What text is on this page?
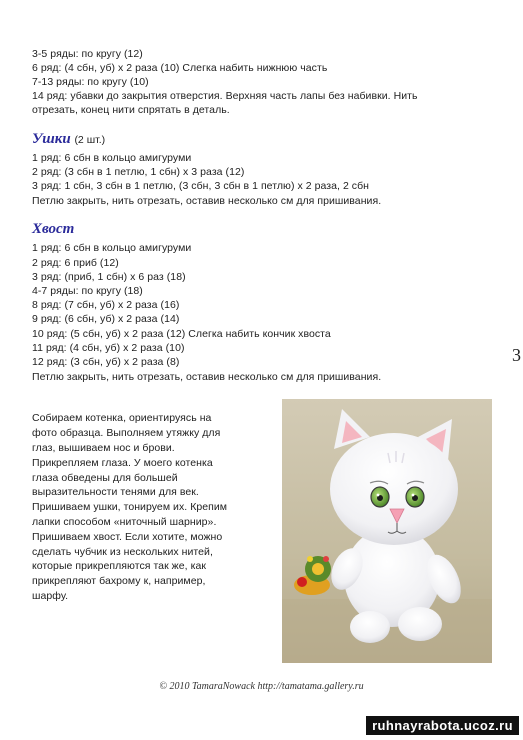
3-5 ряды: по кругу (12)
6 ряд: (4 сбн, уб) х 2 раза (10) Слегка набить нижнюю часть
7-13 ряды: по кругу (10)
14 ряд: убавки до закрытия отверстия. Верхняя часть лапы без набивки. Нить
отрезать, конец нити спрятать в деталь.
Ушки (2 шт.)
1 ряд: 6 сбн в кольцо амигуруми
2 ряд: (3 сбн в 1 петлю, 1 сбн) х 3 раза (12)
3 ряд: 1 сбн, 3 сбн в 1 петлю, (3 сбн, 3 сбн в 1 петлю) х 2 раза, 2 сбн
Петлю закрыть, нить отрезать, оставив несколько см для пришивания.
Хвост
1 ряд: 6 сбн в кольцо амигуруми
2 ряд: 6 приб (12)
3 ряд: (приб, 1 сбн) х 6 раз (18)
4-7 ряды: по кругу (18)
8 ряд: (7 сбн, уб) х 2 раза (16)
9 ряд: (6 сбн, уб) х 2 раза (14)
10 ряд: (5 сбн, уб) х 2 раза (12) Слегка набить кончик хвоста
11 ряд: (4 сбн, уб) х 2 раза (10)
12 ряд: (3 сбн, уб) х 2 раза (8)
Петлю закрыть, нить отрезать, оставив несколько см для пришивания.
3
Собираем котенка, ориентируясь на
фото образца. Выполняем утяжку для
глаз, вышиваем нос и брови.
Прикрепляем глаза. У моего котенка
глаза обведены для большей
выразительности тенями для век.
Пришиваем ушки, тонируем их. Крепим
лапки способом «ниточный шарнир».
Пришиваем хвост. Если хотите, можно
сделать чубчик из нескольких нитей,
которые прикрепляются так же, как
прикрепляют бахрому к, например,
шарфу.
© 2010 TamaraNowack http://tamatama.gallery.ru
ruhnayrabota.ucoz.ru
